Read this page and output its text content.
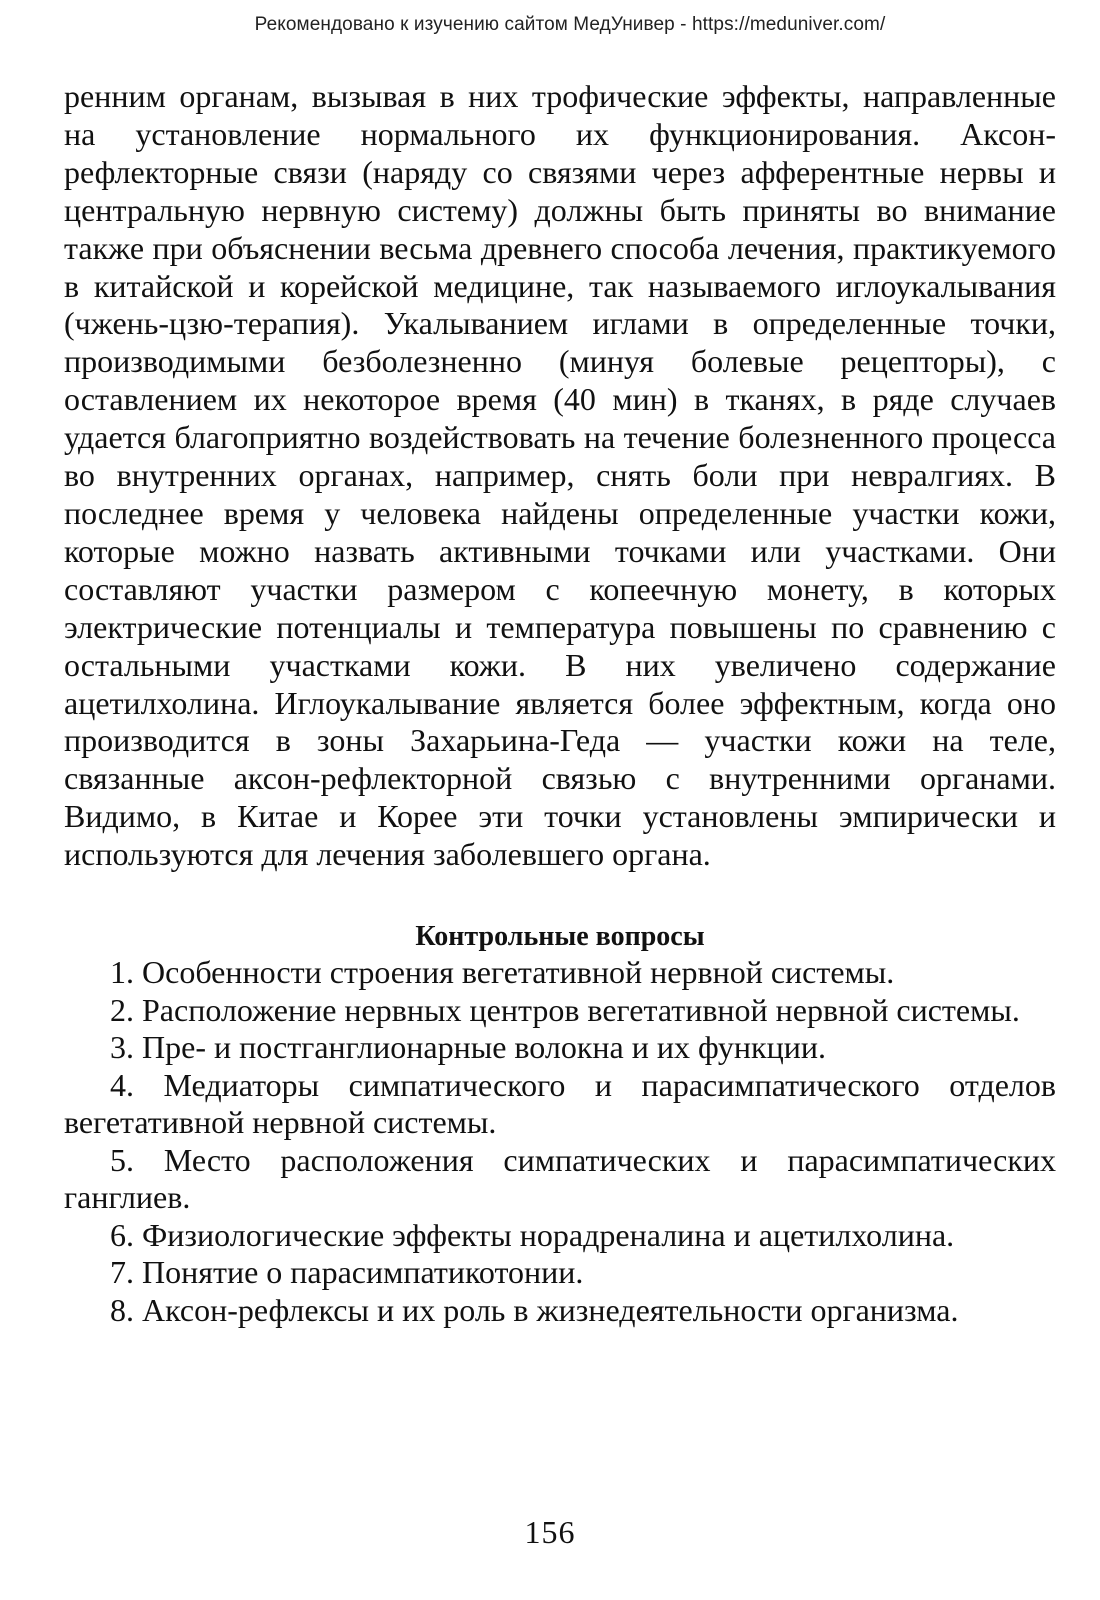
Рекомендовано к изучению сайтом МедУнивер - https://meduniver.com/

ренним органам, вызывая в них трофические эффекты, направленные на установление нормального их функционирования. Аксон-рефлекторные связи (наряду со связями через афферентные нервы и центральную нервную систему) должны быть приняты во внимание также при объяснении весьма древнего способа лечения, практикуемого в китайской и корейской медицине, так называемого иглоукалывания (чжень-цзю-терапия). Укалыванием иглами в определенные точки, производимыми безболезненно (минуя болевые рецепторы), с оставлением их некоторое время (40 мин) в тканях, в ряде случаев удается благоприятно воздействовать на течение болезненного процесса во внутренних органах, например, снять боли при невралгиях. В последнее время у человека найдены определенные участки кожи, которые можно назвать активными точками или участками. Они составляют участки размером с копеечную монету, в которых электрические потенциалы и температура повышены по сравнению с остальными участками кожи. В них увеличено содержание ацетилхолина. Иглоукалывание является более эффектным, когда оно производится в зоны Захарьина-Геда — участки кожи на теле, связанные аксон-рефлекторной связью с внутренними органами. Видимо, в Китае и Корее эти точки установлены эмпирически и используются для лечения заболевшего органа.

Контрольные вопросы
1. Особенности строения вегетативной нервной системы.
2. Расположение нервных центров вегетативной нервной системы.
3. Пре- и постганглионарные волокна и их функции.
4. Медиаторы симпатического и парасимпатического отделов вегетативной нервной системы.
5. Место расположения симпатических и парасимпатических ганглиев.
6. Физиологические эффекты норадреналина и ацетилхолина.
7. Понятие о парасимпатикотонии.
8. Аксон-рефлексы и их роль в жизнедеятельности организма.
156
